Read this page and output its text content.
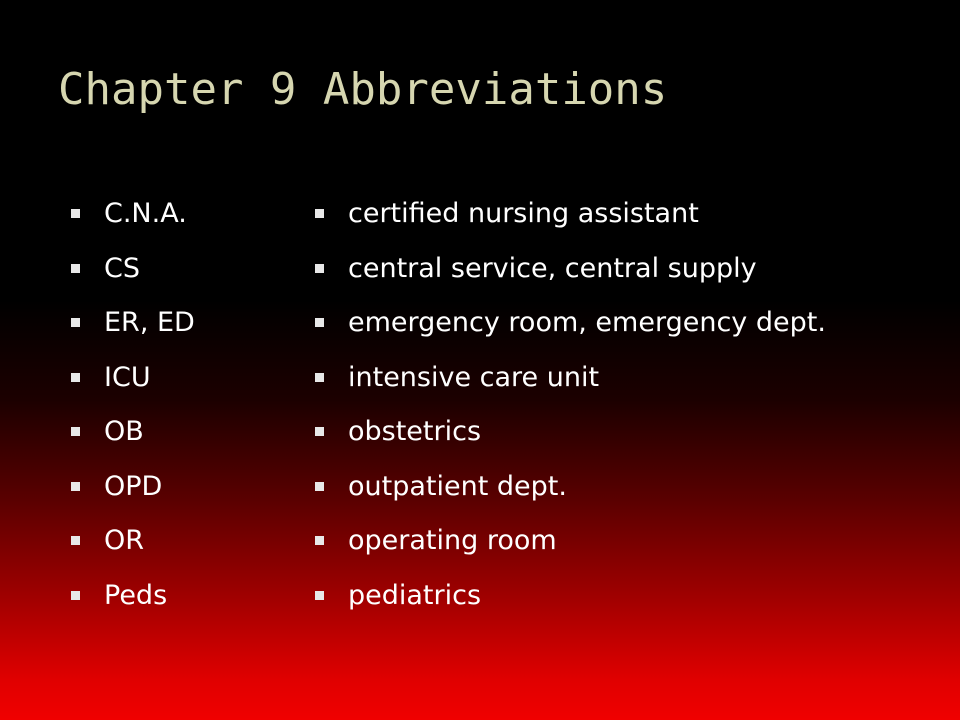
Chapter 9 Abbreviations
C.N.A.
CS
ER, ED
ICU
OB
OPD
OR
Peds
certified nursing assistant
central service, central supply
emergency room, emergency dept.
intensive care unit
obstetrics
outpatient dept.
operating room
pediatrics
